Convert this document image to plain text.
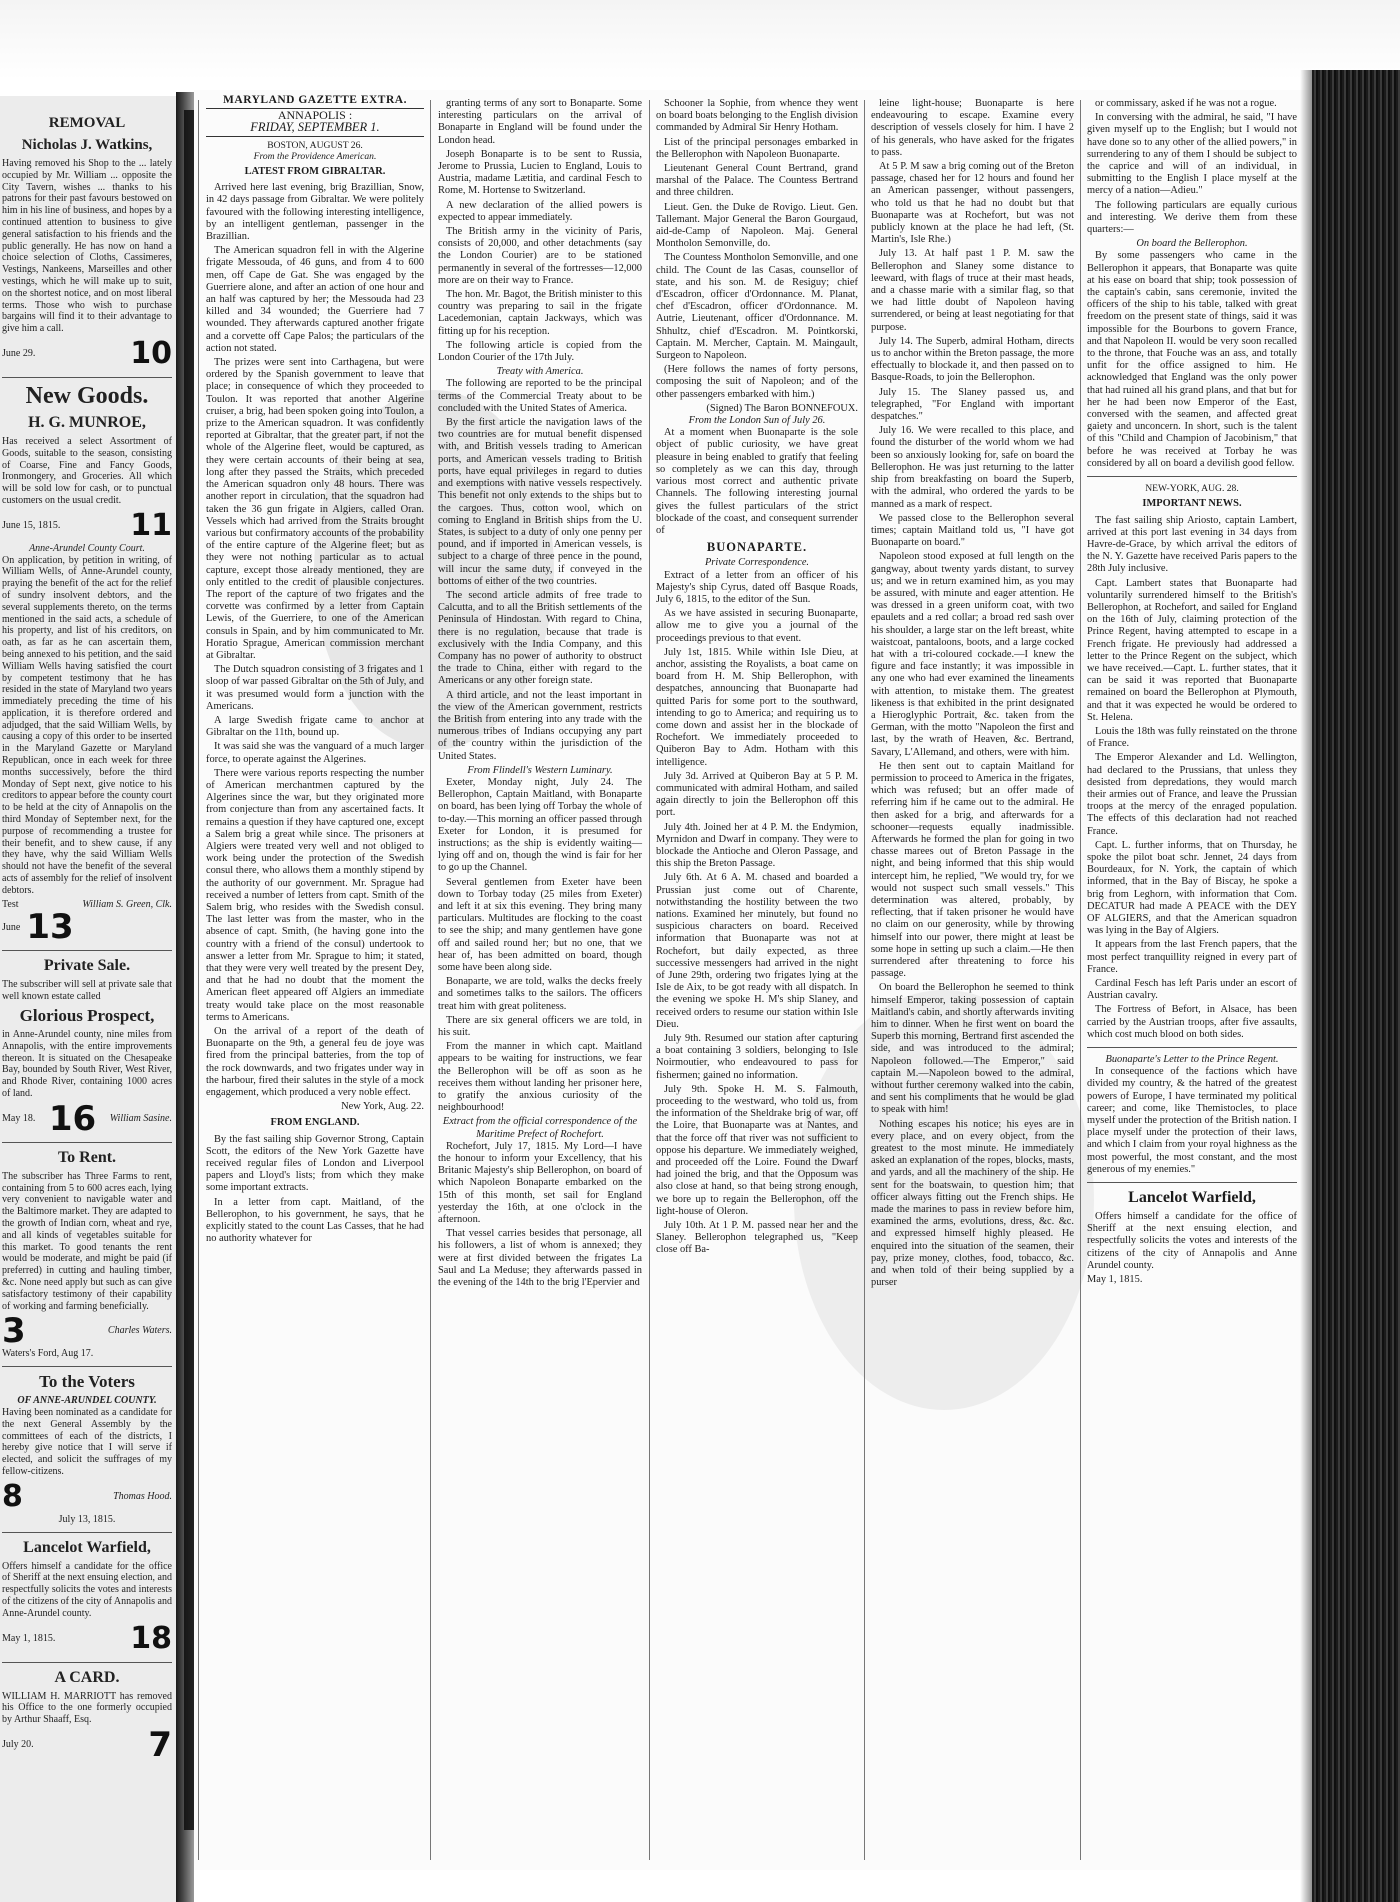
REMOVAL
Nicholas J. Watkins,

Having removed his Shop to the ... lately occupied by Mr. William ... opposite the City Tavern, wishes ... thanks to his patrons for their past favours bestowed on him in his line of business, and hopes by a continued attention to business to give general satisfaction to his friends and the public generally. He has now on hand a choice selection of Cloths, Cassimeres, Vestings, Nankeens, Marseilles and other vestings, which he will make up to suit, on the shortest notice, and on most liberal terms. Those who wish to purchase bargains will find it to their advantage to give him a call.

June 29.	10
New Goods.
H. G. MUNROE,

Has received a select Assortment of Goods, suitable to the season, consisting of Coarse, Fine and Fancy Goods, Ironmongery, and Groceries. All which will be sold low for cash, or to punctual customers on the usual credit.

June 15, 1815. 11
Anne-Arundel County Court.

On application, by petition in writing, of William Wells, of Anne-Arundel county, praying the benefit of the act for the relief of sundry insolvent debtors, and the several supplements thereto, on the terms mentioned in the said acts, a schedule of his property, and list of his creditors, on oath, as far as he can ascertain them, being annexed to his petition, and the said William Wells having satisfied the court by competent testimony that he has resided in the state of Maryland two years immediately preceding the time of his application, it is therefore ordered and adjudged, that the said William Wells, by causing a copy of this order to be inserted in the Maryland Gazette or Maryland Republican, once in each week for three months successively, before the third Monday of Sept next, give notice to his creditors to appear before the county court to be held at the city of Annapolis on the third Monday of September next, for the purpose of recommending a trustee for their benefit, and to shew cause, if any they have, why the said William Wells should not have the benefit of the several acts of assembly for the relief of insolvent debtors.

Test	William S. Green, Clk.
June 13
Private Sale.

The subscriber will sell at private sale that well known estate called

Glorious Prospect,

in Anne-Arundel county, nine miles from Annapolis, with the entire improvements thereon. It is situated on the Chesapeake Bay, bounded by South River, West River, and Rhode River, containing 1000 acres of land.

May 18. 16 William Sasine.
To Rent.

The subscriber has Three Farms to rent, containing from 5 to 600 acres each, lying very convenient to navigable water and the Baltimore market. They are adapted to the growth of Indian corn, wheat and rye, and all kinds of vegetables suitable for this market. To good tenants the rent would be moderate, and might be paid (if preferred) in cutting and hauling timber, &c. None need apply but such as can give satisfactory testimony of their capability of working and farming beneficially.

3	Charles Waters.
Waters's Ford, Aug 17.
To the Voters
OF ANNE-ARUNDEL COUNTY.

Having been nominated as a candidate for the next General Assembly by the committees of each of the districts, I hereby give notice that I will serve if elected, and solicit the suffrages of my fellow-citizens.

8	Thomas Hood.
July 13, 1815.
Lancelot Warfield,

Offers himself a candidate for the office of Sheriff at the next ensuing election, and respectfully solicits the votes and interests of the citizens of the city of Annapolis and Anne-Arundel county.

May 1, 1815. 18
A CARD.

WILLIAM H. MARRIOTT has removed his Office to the one formerly occupied by Arthur Shaaff, Esq.

July 20.	7
MARYLAND GAZETTE EXTRA.
ANNAPOLIS :
FRIDAY, SEPTEMBER 1.
BOSTON, AUGUST 26.
From the Providence American.
LATEST FROM GIBRALTAR.

Arrived here last evening, brig Brazillian, Snow, in 42 days passage from Gibraltar. We were politely favoured with the following interesting intelligence, by an intelligent gentleman, passenger in the Brazillian.

The American squadron fell in with the Algerine frigate Messouda, of 46 guns, and from 4 to 600 men, off Cape de Gat. She was engaged by the Guerriere alone, and after an action of one hour and an half was captured by her; the Messouda had 23 killed and 34 wounded; the Guerriere had 7 wounded. They afterwards captured another frigate and a corvette off Cape Palos; the particulars of the action not stated.

The prizes were sent into Carthagena, but were ordered by the Spanish government to leave that place; in consequence of which they proceeded to Toulon. It was reported that another Algerine cruiser, a brig, had been spoken going into Toulon, a prize to the American squadron. It was confidently reported at Gibraltar, that the greater part, if not the whole of the Algerine fleet, would be captured, as they were certain accounts of their being at sea, long after they passed the Straits, which preceded the American squadron only 48 hours. There was another report in circulation, that the squadron had taken the 36 gun frigate in Algiers, called Oran. Vessels which had arrived from the Straits brought various but confirmatory accounts of the probability of the entire capture of the Algerine fleet; but as they were not nothing particular as to actual capture, except those already mentioned, they are only entitled to the credit of plausible conjectures. The report of the capture of two frigates and the corvette was confirmed by a letter from Captain Lewis, of the Guerriere, to one of the American consuls in Spain, and by him communicated to Mr. Horatio Sprague, American commission merchant at Gibraltar.

The Dutch squadron consisting of 3 frigates and 1 sloop of war passed Gibraltar on the 5th of July, and it was presumed would form a junction with the Americans.

A large Swedish frigate came to anchor at Gibraltar on the 11th, bound up.

It was said she was the vanguard of a much larger force, to operate against the Algerines.

There were various reports respecting the number of American merchantmen captured by the Algerines since the war, but they originated more from conjecture than from any ascertained facts. It remains a question if they have captured one, except a Salem brig a great while since. The prisoners at Algiers were treated very well and not obliged to work being under the protection of the Swedish consul there, who allows them a monthly stipend by the authority of our government. Mr. Sprague had received a number of letters from capt. Smith of the Salem brig, who resides with the Swedish consul. The last letter was from the master, who in the absence of capt. Smith, (he having gone into the country with a friend of the consul) undertook to answer a letter from Mr. Sprague to him; it stated, that they were very well treated by the present Dey, and that he had no doubt that the moment the American fleet appeared off Algiers an immediate treaty would take place on the most reasonable terms to Americans.

On the arrival of a report of the death of Buonaparte on the 9th, a general feu de joye was fired from the principal batteries, from the top of the rock downwards, and two frigates under way in the harbour, fired their salutes in the style of a mock engagement, which produced a very noble effect.

New York, Aug. 22.
FROM ENGLAND.

By the fast sailing ship Governor Strong, Captain Scott, the editors of the New York Gazette have received regular files of London and Liverpool papers and Lloyd's lists; from which they make some important extracts.

In a letter from capt. Maitland, of the Bellerophon, to his government, he says, that he explicitly stated to the count Las Casses, that he had no authority whatever for

granting terms of any sort to Bonaparte. Some interesting particulars on the arrival of Bonaparte in England will be found under the London head.

Joseph Bonaparte is to be sent to Russia, Jerome to Prussia, Lucien to England, Louis to Austria, madame Lætitia, and cardinal Fesch to Rome, M. Hortense to Switzerland.

A new declaration of the allied powers is expected to appear immediately.

The British army in the vicinity of Paris, consists of 20,000, and other detachments (say the London Courier) are to be stationed permanently in several of the fortresses—12,000 more are on their way to France.

The hon. Mr. Bagot, the British minister to this country was preparing to sail in the frigate Lacedemonian, captain Jackways, which was fitting up for his reception.

The following article is copied from the London Courier of the 17th July.

Treaty with America.

The following are reported to be the principal terms of the Commercial Treaty about to be concluded with the United States of America.

By the first article the navigation laws of the two countries are for mutual benefit dispensed with, and British vessels trading to American ports, and American vessels trading to British ports, have equal privileges in regard to duties and exemptions with native vessels respectively. This benefit not only extends to the ships but to the cargoes. Thus, cotton wool, which on coming to England in British ships from the U. States, is subject to a duty of only one penny per pound, and if imported in American vessels, is subject to a charge of three pence in the pound, will incur the same duty, if conveyed in the bottoms of either of the two countries.

The second article admits of free trade to Calcutta, and to all the British settlements of the Peninsula of Hindostan. With regard to China, there is no regulation, because that trade is exclusively with the India Company, and this Company has no power of authority to obstruct the trade to China, either with regard to the Americans or any other foreign state.

A third article, and not the least important in the view of the American government, restricts the British from entering into any trade with the numerous tribes of Indians occupying any part of the country within the jurisdiction of the United States.

From Flindell's Western Luminary.

Exeter, Monday night, July 24. The Bellerophon, Captain Maitland, with Bonaparte on board, has been lying off Torbay the whole of to-day.—This morning an officer passed through Exeter for London, it is presumed for instructions; as the ship is evidently waiting—lying off and on, though the wind is fair for her to go up the Channel.

Several gentlemen from Exeter have been down to Torbay today (25 miles from Exeter) and left it at six this evening. They bring many particulars. Multitudes are flocking to the coast to see the ship; and many gentlemen have gone off and sailed round her; but no one, that we hear of, has been admitted on board, though some have been along side.

Bonaparte, we are told, walks the decks freely and sometimes talks to the sailors. The officers treat him with great politeness.

There are six general officers we are told, in his suit.

From the manner in which capt. Maitland appears to be waiting for instructions, we fear the Bellerophon will be off as soon as he receives them without landing her prisoner here, to gratify the anxious curiosity of the neighbourhood!

Extract from the official correspondence of the Maritime Prefect of Rochefort.

Rochefort, July 17, 1815. My Lord—I have the honour to inform your Excellency, that his Britanic Majesty's ship Bellerophon, on board of which Napoleon Bonaparte embarked on the 15th of this month, set sail for England yesterday the 16th, at one o'clock in the afternoon.

That vessel carries besides that personage, all his followers, a list of whom is annexed; they were at first divided between the frigates La Saul and La Meduse; they afterwards passed in the evening of the 14th to the brig l'Epervier and

Schooner la Sophie, from whence they went on board boats belonging to the English division commanded by Admiral Sir Henry Hotham.

List of the principal personages embarked in the Bellerophon with Napoleon Buonaparte.

Lieutenant General Count Bertrand, grand marshal of the Palace. The Countess Bertrand and three children.

Lieut. Gen. the Duke de Rovigo. Lieut. Gen. Tallemant. Major General the Baron Gourgaud, aid-de-Camp of Napoleon. Maj. General Montholon Semonville, do.

The Countess Montholon Semonville, and one child. The Count de las Casas, counsellor of state, and his son. M. de Resiguy; chief d'Escadron, officer d'Ordonnance. M. Planat, chef d'Escadron, officer d'Ordonnance. M. Autrie, Lieutenant, officer d'Ordonnance. M. Shhultz, chief d'Escadron. M. Pointkorski, Captain. M. Mercher, Captain. M. Maingault, Surgeon to Napoleon.

(Here follows the names of forty persons, composing the suit of Napoleon; and of the other passengers embarked with him.)

(Signed) The Baron BONNEFOUX.
From the London Sun of July 26.

At a moment when Buonaparte is the sole object of public curiosity, we have great pleasure in being enabled to gratify that feeling so completely as we can this day, through various most correct and authentic private Channels. The following interesting journal gives the fullest particulars of the strict blockade of the coast, and consequent surrender of

BUONAPARTE.
Private Correspondence.

Extract of a letter from an officer of his Majesty's ship Cyrus, dated off Basque Roads, July 6, 1815, to the editor of the Sun.

As we have assisted in securing Buonaparte, allow me to give you a journal of the proceedings previous to that event.

July 1st, 1815. While within Isle Dieu, at anchor, assisting the Royalists, a boat came on board from H. M. Ship Bellerophon, with despatches, announcing that Buonaparte had quitted Paris for some port to the southward, intending to go to America; and requiring us to come down and assist her in the blockade of Rochefort. We immediately proceeded to Quiberon Bay to Adm. Hotham with this intelligence.

July 3d. Arrived at Quiberon Bay at 5 P. M. communicated with admiral Hotham, and sailed again directly to join the Bellerophon off this port.

July 4th. Joined her at 4 P. M. the Endymion, Myrnidon and Dwarf in company. They were to blockade the Antioche and Oleron Passage, and this ship the Breton Passage.

July 6th. At 6 A. M. chased and boarded a Prussian just come out of Charente, notwithstanding the hostility between the two nations. Examined her minutely, but found no suspicious characters on board. Received information that Buonaparte was not at Rochefort, but daily expected, as three successive messengers had arrived in the night of June 29th, ordering two frigates lying at the Isle de Aix, to be got ready with all dispatch. In the evening we spoke H. M's ship Slaney, and received orders to resume our station within Isle Dieu.

July 9th. Resumed our station after capturing a boat containing 3 soldiers, belonging to Isle Noirmoutier, who endeavoured to pass for fishermen; gained no information.

July 9th. Spoke H. M. S. Falmouth, proceeding to the westward, who told us, from the information of the Sheldrake brig of war, off the Loire, that Buonaparte was at Nantes, and that the force off that river was not sufficient to oppose his departure. We immediately weighed, and proceeded off the Loire. Found the Dwarf had joined the brig, and that the Opposum was also close at hand, so that being strong enough, we bore up to regain the Bellerophon, off the light-house of Oleron.

July 10th. At 1 P. M. passed near her and the Slaney. Bellerophon telegraphed us, "Keep close off Ba-

leine light-house; Buonaparte is here endeavouring to escape. Examine every description of vessels closely for him. I have 2 of his generals, who have asked for the frigates to pass.

At 5 P. M saw a brig coming out of the Breton passage, chased her for 12 hours and found her an American passenger, without passengers, who told us that he had no doubt but that Buonaparte was at Rochefort, but was not publicly known at the place he had left, (St. Martin's, Isle Rhe.)

July 13. At half past 1 P. M. saw the Bellerophon and Slaney some distance to leeward, with flags of truce at their mast heads, and a chasse marie with a similar flag, so that we had little doubt of Napoleon having surrendered, or being at least negotiating for that purpose.

July 14. The Superb, admiral Hotham, directs us to anchor within the Breton passage, the more effectually to blockade it, and then passed on to Basque-Roads, to join the Bellerophon.

July 15. The Slaney passed us, and telegraphed, "For England with important despatches."

July 16. We were recalled to this place, and found the disturber of the world whom we had been so anxiously looking for, safe on board the Bellerophon. He was just returning to the latter ship from breakfasting on board the Superb, with the admiral, who ordered the yards to be manned as a mark of respect.

We passed close to the Bellerophon several times; captain Maitland told us, "I have got Buonaparte on board."

Napoleon stood exposed at full length on the gangway, about twenty yards distant, to survey us; and we in return examined him, as you may be assured, with minute and eager attention. He was dressed in a green uniform coat, with two epaulets and a red collar; a broad red sash over his shoulder, a large star on the left breast, white waistcoat, pantaloons, boots, and a large cocked hat with a tri-coloured cockade.—I knew the figure and face instantly; it was impossible in any one who had ever examined the lineaments with attention, to mistake them. The greatest likeness is that exhibited in the print designated a Hieroglyphic Portrait, &c. taken from the German, with the motto "Napoleon the first and last, by the wrath of Heaven, &c. Bertrand, Savary, L'Allemand, and others, were with him.

He then sent out to captain Maitland for permission to proceed to America in the frigates, which was refused; but an offer made of referring him if he came out to the admiral. He then asked for a brig, and afterwards for a schooner—requests equally inadmissible. Afterwards he formed the plan for going in two chasse marees out of Breton Passage in the night, and being informed that this ship would intercept him, he replied, "We would try, for we would not suspect such small vessels." This determination was altered, probably, by reflecting, that if taken prisoner he would have no claim on our generosity, while by throwing himself into our power, there might at least be some hope in setting up such a claim.—He then surrendered after threatening to force his passage.

On board the Bellerophon he seemed to think himself Emperor, taking possession of captain Maitland's cabin, and shortly afterwards inviting him to dinner. When he first went on board the Superb this morning, Bertrand first ascended the side, and was introduced to the admiral; Napoleon followed.—The Emperor," said captain M.—Napoleon bowed to the admiral, without further ceremony walked into the cabin, and sent his compliments that he would be glad to speak with him!

Nothing escapes his notice; his eyes are in every place, and on every object, from the greatest to the most minute. He immediately asked an explanation of the ropes, blocks, masts, and yards, and all the machinery of the ship. He sent for the boatswain, to question him; that officer always fitting out the French ships. He made the marines to pass in review before him, examined the arms, evolutions, dress, &c. &c. and expressed himself highly pleased. He enquired into the situation of the seamen, their pay, prize money, clothes, food, tobacco, &c. and when told of their being supplied by a purser

or commissary, asked if he was not a rogue.

In conversing with the admiral, he said, "I have given myself up to the English; but I would not have done so to any other of the allied powers," in surrendering to any of them I should be subject to the caprice and will of an individual, in submitting to the English I place myself at the mercy of a nation—Adieu."

The following particulars are equally curious and interesting. We derive them from these quarters:—

On board the Bellerophon.

By some passengers who came in the Bellerophon it appears, that Bonaparte was quite at his ease on board that ship; took possession of the captain's cabin, sans ceremonie, invited the officers of the ship to his table, talked with great freedom on the present state of things, said it was impossible for the Bourbons to govern France, and that Napoleon II. would be very soon recalled to the throne, that Fouche was an ass, and totally unfit for the office assigned to him. He acknowledged that England was the only power that had ruined all his grand plans, and that but for her he had been now Emperor of the East, conversed with the seamen, and affected great gaiety and unconcern. In short, such is the talent of this "Child and Champion of Jacobinism," that before he was received at Torbay he was considered by all on board a devilish good fellow.

NEW-YORK, AUG. 28.
IMPORTANT NEWS.

The fast sailing ship Ariosto, captain Lambert, arrived at this port last evening in 34 days from Havre-de-Grace, by which arrival the editors of the N. Y. Gazette have received Paris papers to the 28th July inclusive.

Capt. Lambert states that Buonaparte had voluntarily surrendered himself to the British's Bellerophon, at Rochefort, and sailed for England on the 16th of July, claiming protection of the Prince Regent, having attempted to escape in a French frigate. He previously had addressed a letter to the Prince Regent on the subject, which we have received.—Capt. L. further states, that it can be said it was reported that Buonaparte remained on board the Bellerophon at Plymouth, and that it was expected he would be ordered to St. Helena.

Louis the 18th was fully reinstated on the throne of France.

The Emperor Alexander and Ld. Wellington, had declared to the Prussians, that unless they desisted from depredations, they would march their armies out of France, and leave the Prussian troops at the mercy of the enraged population. The effects of this declaration had not reached France.

Capt. L. further informs, that on Thursday, he spoke the pilot boat schr. Jennet, 24 days from Bourdeaux, for N. York, the captain of which informed, that in the Bay of Biscay, he spoke a brig from Leghorn, with information that Com. DECATUR had made A PEACE with the DEY OF ALGIERS, and that the American squadron was lying in the Bay of Algiers.

It appears from the last French papers, that the most perfect tranquillity reigned in every part of France.

Cardinal Fesch has left Paris under an escort of Austrian cavalry.

The Fortress of Befort, in Alsace, has been carried by the Austrian troops, after five assaults, which cost much blood on both sides.

Buonaparte's Letter to the Prince Regent.

In consequence of the factions which have divided my country, & the hatred of the greatest powers of Europe, I have terminated my political career; and come, like Themistocles, to place myself under the protection of the British nation. I place myself under the protection of their laws, and which I claim from your royal highness as the most powerful, the most constant, and the most generous of my enemies."

Lancelot Warfield,

Offers himself a candidate for the office of Sheriff at the next ensuing election, and respectfully solicits the votes and interests of the citizens of the city of Annapolis and Anne Arundel county.

May 1, 1815.
